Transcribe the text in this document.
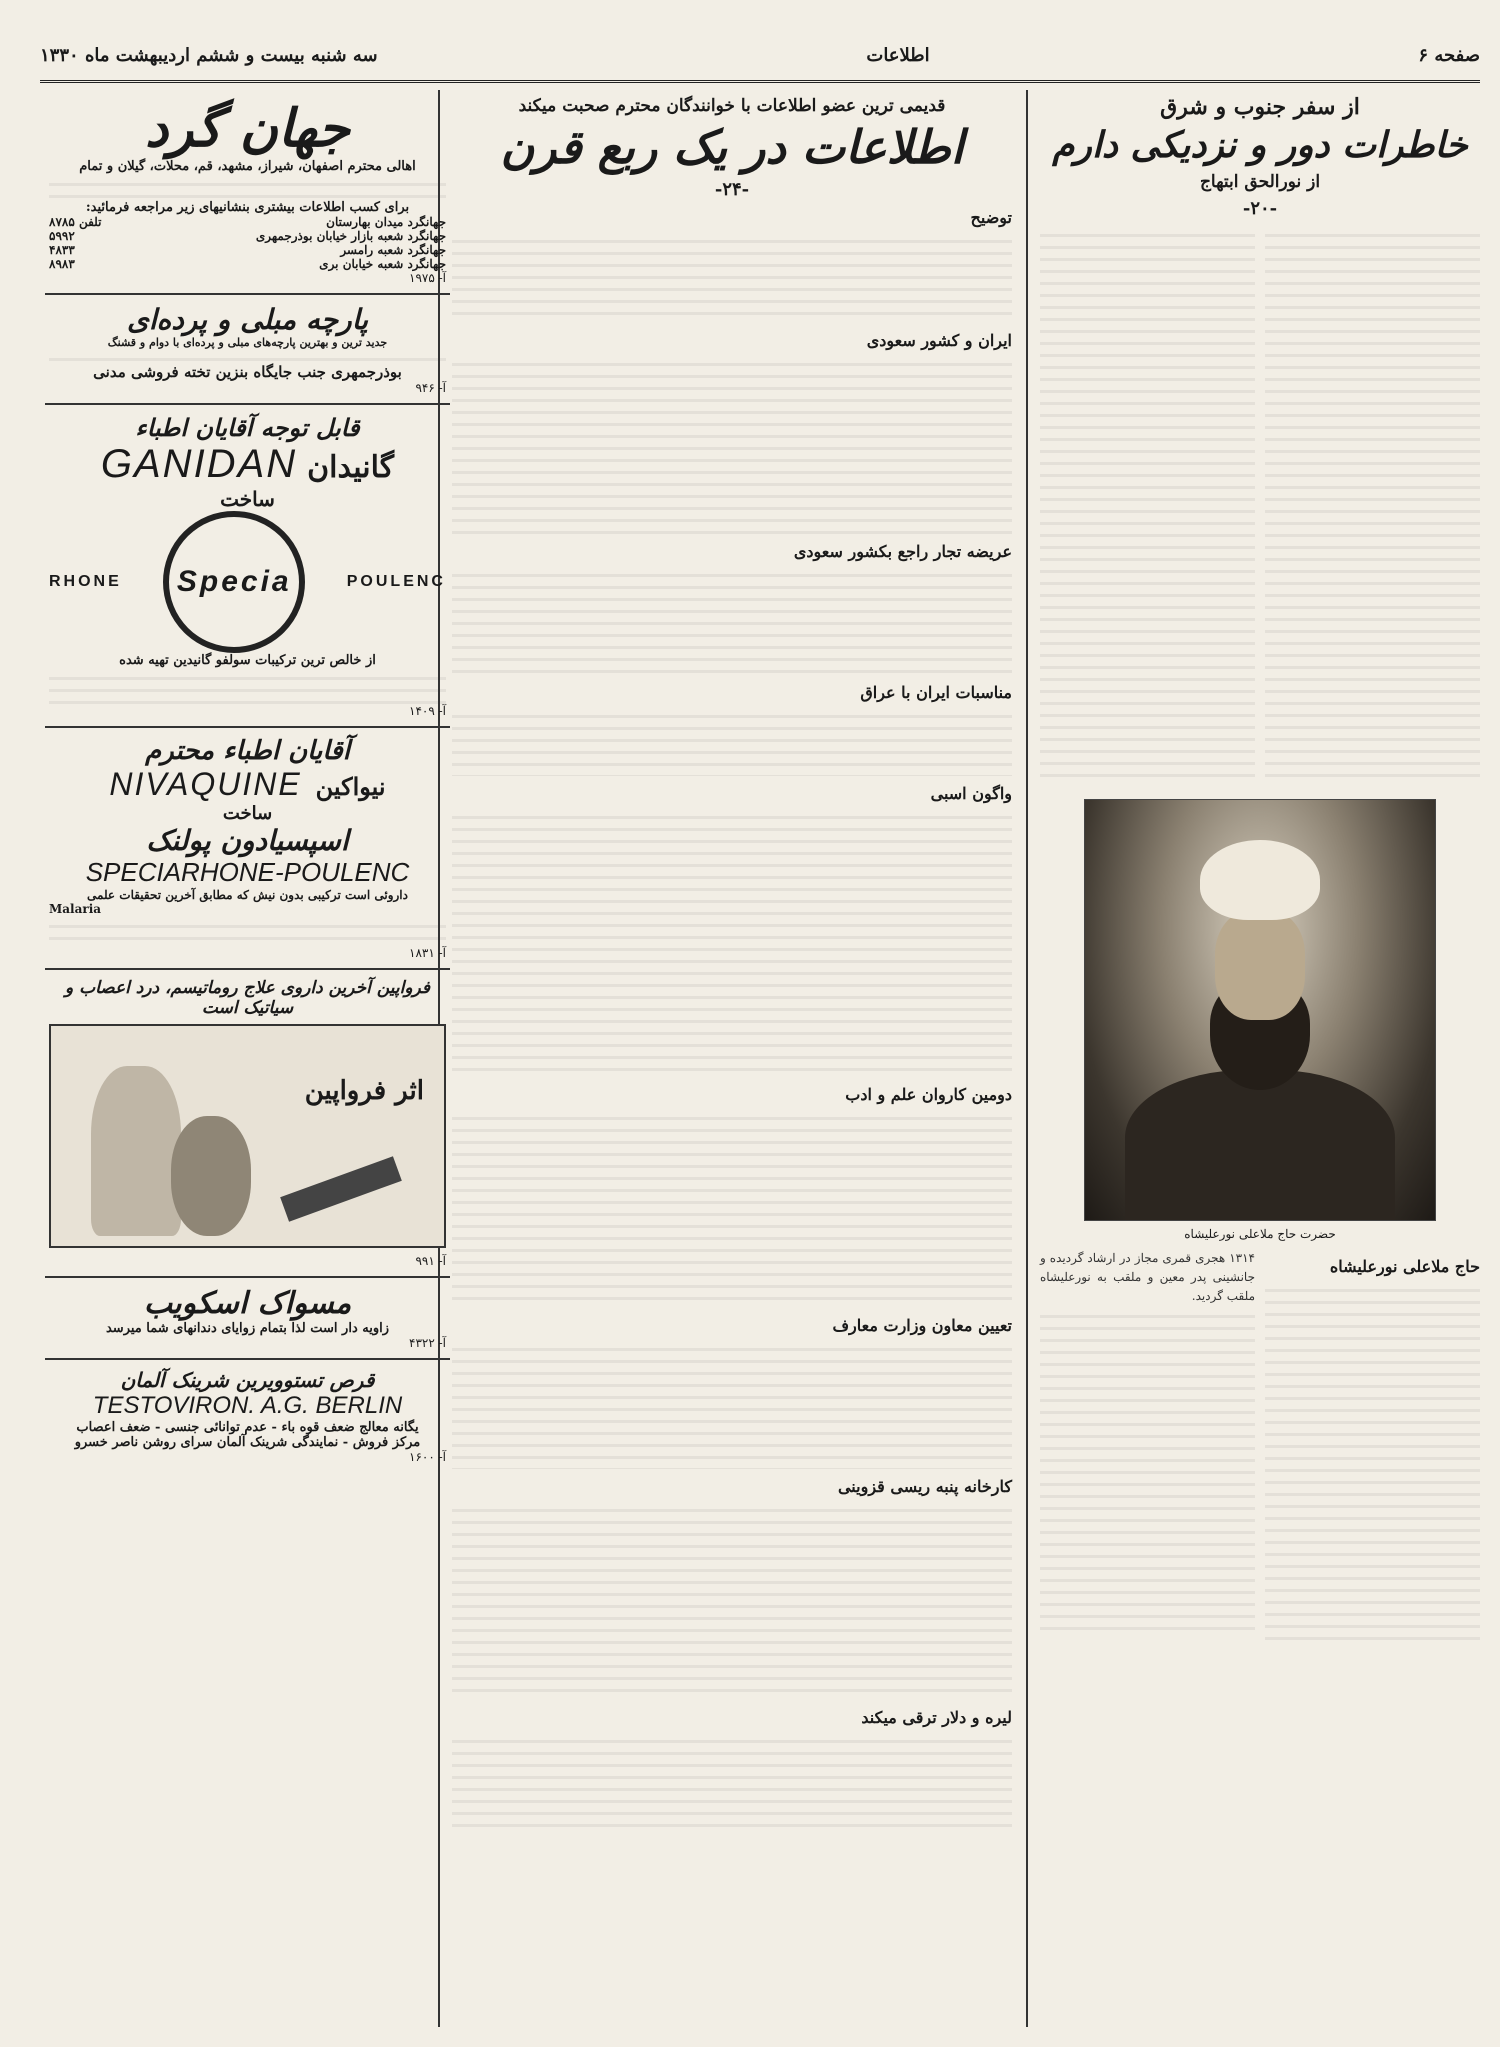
صفحه ۶
اطلاعات
سه شنبه بیست و ششم اردیبهشت ماه ۱۳۳۰
از سفر جنوب و شرق
خاطرات دور و نزدیکی دارم
از نورالحق ابتهاج
-۲۰-
حضرت حاج ملاعلی نورعلیشاه
حاج ملاعلی نورعلیشاه
۱۳۱۴ هجری قمری مجاز در ارشاد گردیده و جانشینی پدر معین و ملقب به نورعلیشاه ملقب گردید.
قدیمی ترین عضو اطلاعات با خوانندگان محترم صحبت میکند
اطلاعات در یک ربع قرن
-۲۴-
توضیح
ایران و کشور سعودی
عریضه تجار راجع بکشور سعودی
مناسبات ایران با عراق
واگون اسبی
دومین کاروان علم و ادب
تعیین معاون وزارت معارف
کارخانه پنبه ریسی قزوینی
لیره و دلار ترقی میکند
جهان گرد
اهالی محترم اصفهان، شیراز، مشهد، قم، محلات، گیلان و تمام
برای کسب اطلاعات بیشتری بنشانیهای زیر مراجعه فرمائید:
جهانگرد میدان بهارستان
تلفن ۸۷۸۵
جهانگرد شعبه بازار خیابان بوذرجمهری
۵۹۹۲
جهانگرد شعبه رامسر
۴۸۳۳
جهانگرد شعبه خیابان بری
۸۹۸۳
آ- ۱۹۷۵
پارچه مبلی و پرده‌ای
جدید ترین و بهترین پارچه‌های مبلی و پرده‌ای با دوام و قشنگ
بوذرجمهری جنب جایگاه بنزین تخته فروشی مدنی
آ- ۹۴۶
قابل توجه آقایان اطباء
GANIDAN گانیدان
ساخت
RHONE	Specia	POULENC
از خالص ترین ترکیبات سولفو گانیدین تهیه شده
آ- ۱۴۰۹
آقایان اطباء محترم
NIVAQUINE نیواکین
ساخت
اسپسیادون پولنک
SPECIARHONE-POULENC
داروئی است ترکیبی بدون نیش که مطابق آخرین تحقیقات علمی
Malaria
آ- ۱۸۳۱
فرواپین آخرین داروی علاج روماتیسم، درد اعصاب و سیاتیک است
اثر فرواپین
آ- ۹۹۱
مسواک اسکویب
زاویه دار است لذا بتمام زوایای دندانهای شما میرسد
آ- ۴۳۲۲
قرص تستوویرین شرینک آلمان
TESTOVIRON. A.G. BERLIN
یگانه معالج ضعف قوه باء - عدم توانائی جنسی - ضعف اعصاب
مرکز فروش - نمایندگی شرینک آلمان سرای روشن ناصر خسرو
آ- ۱۶۰۰
